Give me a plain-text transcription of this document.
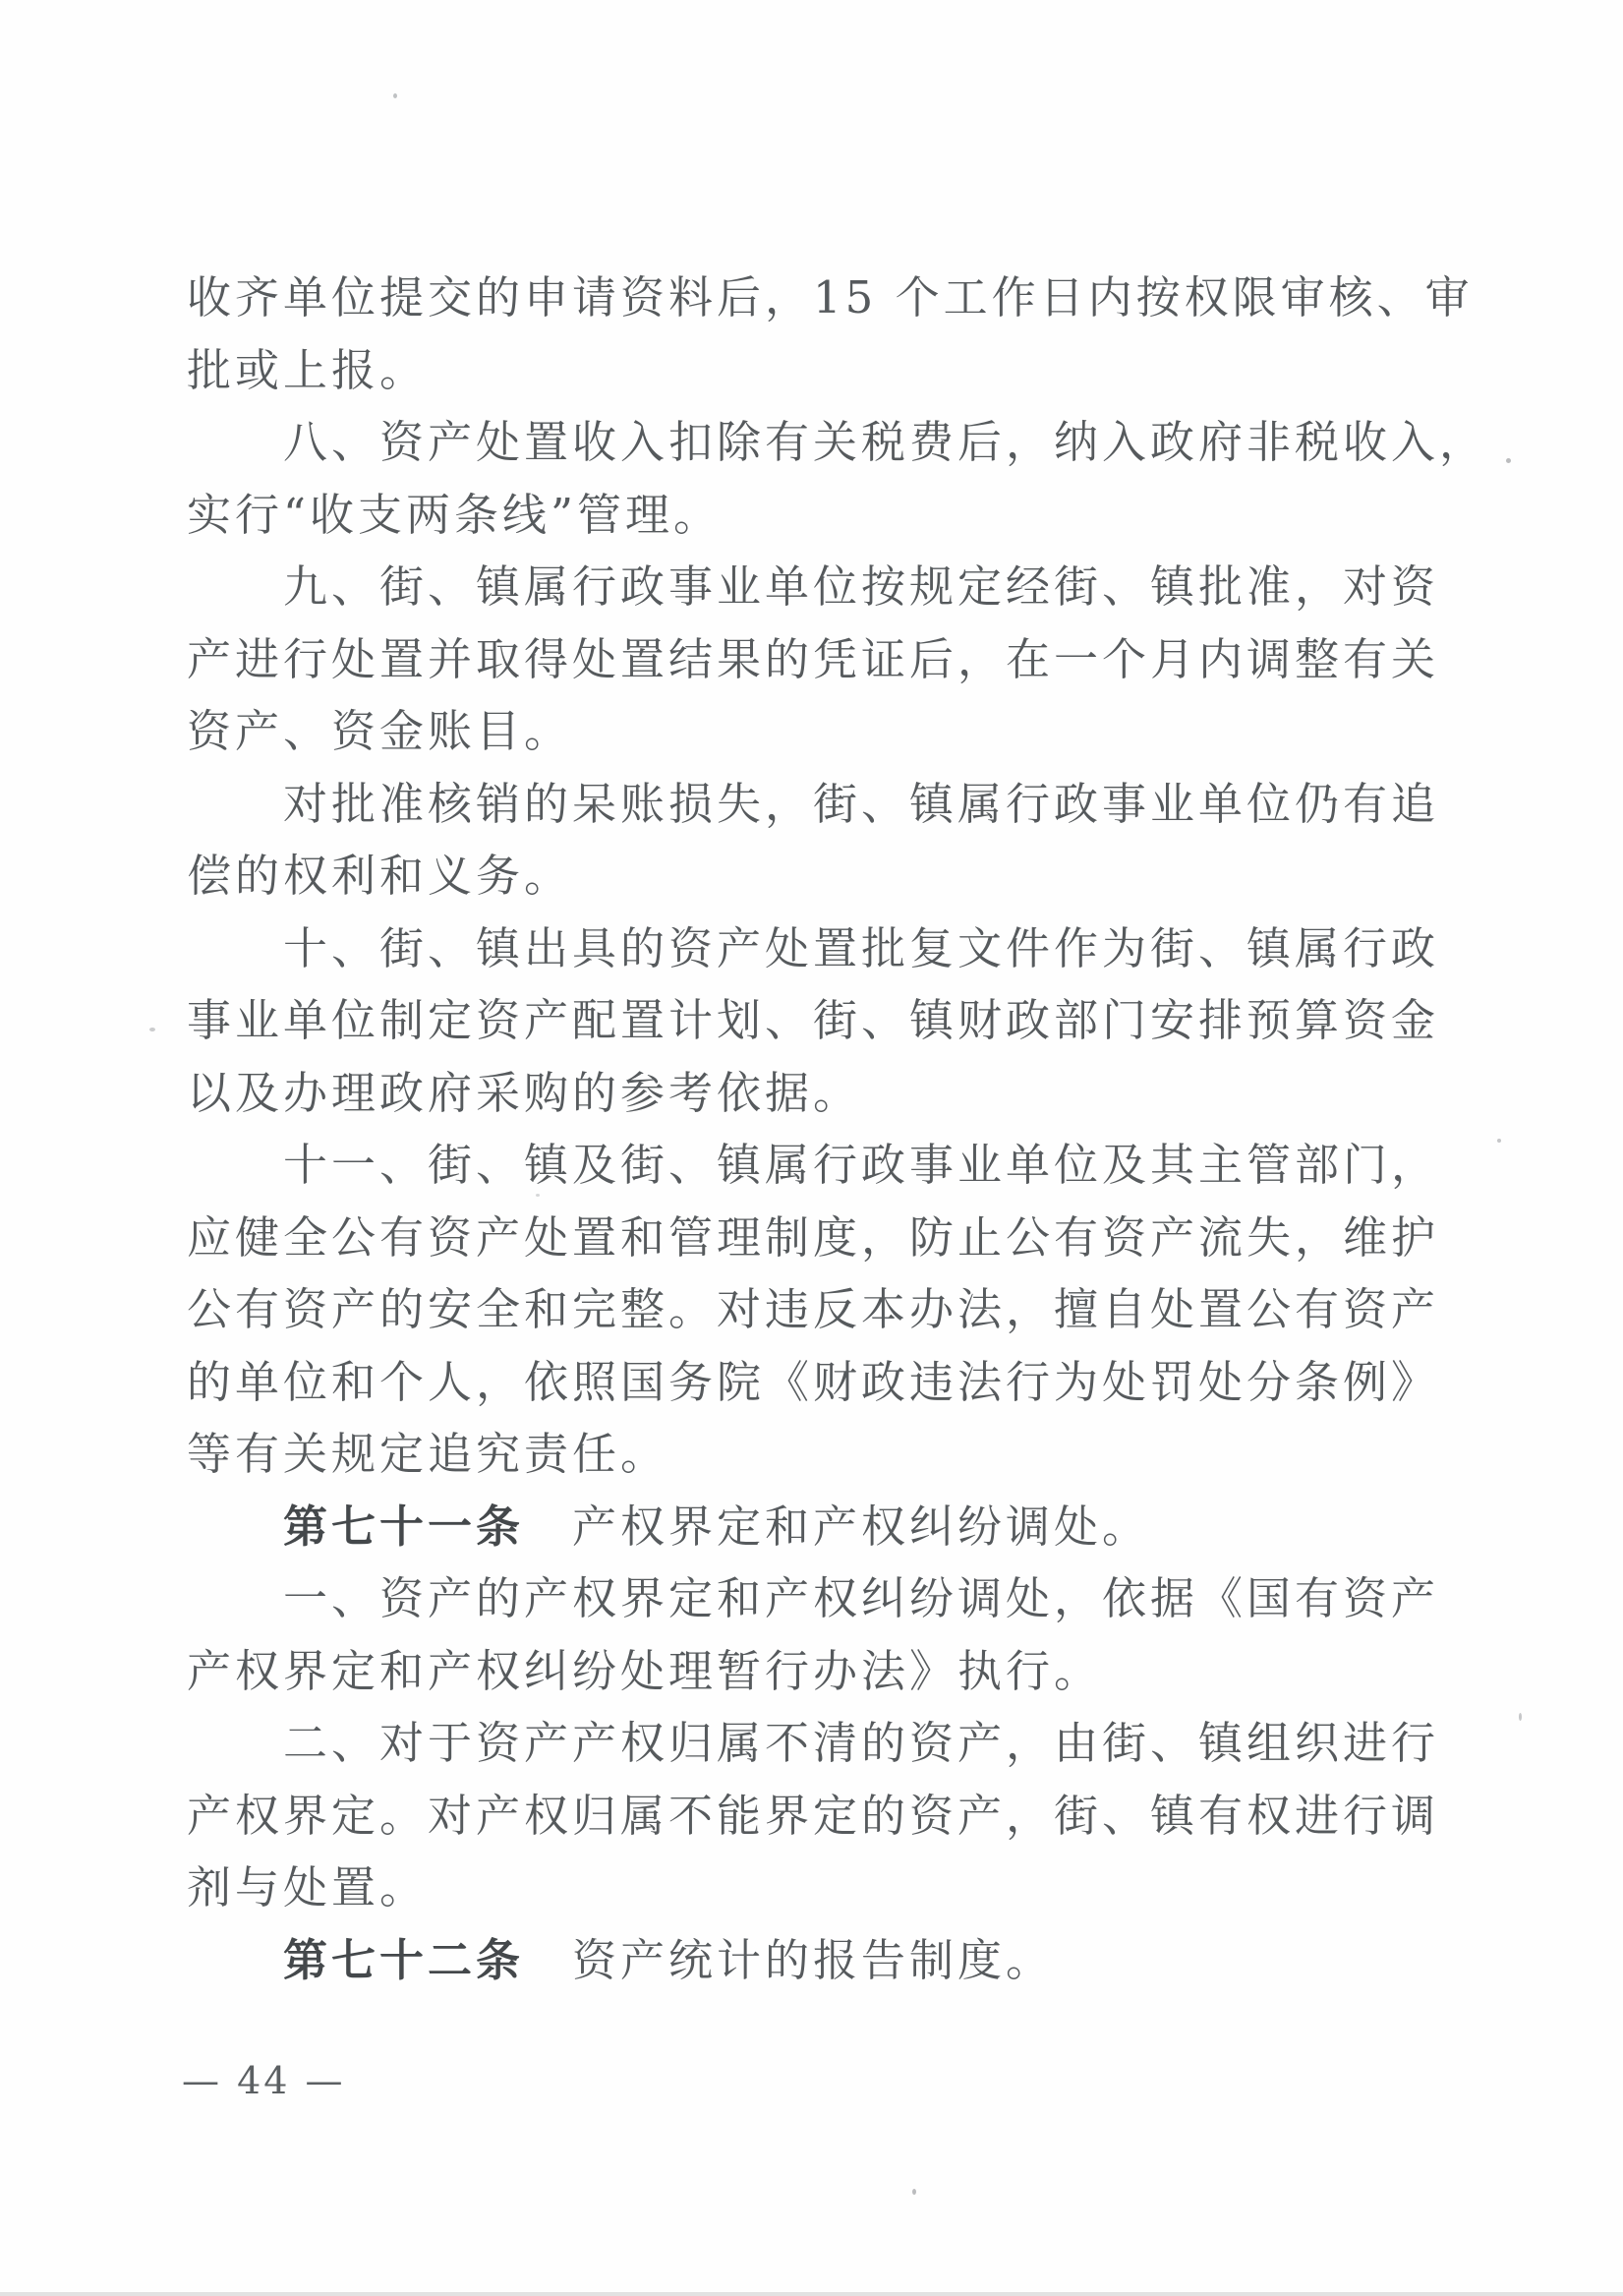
收齐单位提交的申请资料后，15 个工作日内按权限审核、审
批或上报。
八、资产处置收入扣除有关税费后，纳入政府非税收入，
实行“收支两条线”管理。
九、街、镇属行政事业单位按规定经街、镇批准，对资
产进行处置并取得处置结果的凭证后，在一个月内调整有关
资产、资金账目。
对批准核销的呆账损失，街、镇属行政事业单位仍有追
偿的权利和义务。
十、街、镇出具的资产处置批复文件作为街、镇属行政
事业单位制定资产配置计划、街、镇财政部门安排预算资金
以及办理政府采购的参考依据。
十一、街、镇及街、镇属行政事业单位及其主管部门，
应健全公有资产处置和管理制度，防止公有资产流失，维护
公有资产的安全和完整。对违反本办法，擅自处置公有资产
的单位和个人，依照国务院《财政违法行为处罚处分条例》
等有关规定追究责任。
第七十一条　产权界定和产权纠纷调处。
一、资产的产权界定和产权纠纷调处，依据《国有资产
产权界定和产权纠纷处理暂行办法》执行。
二、对于资产产权归属不清的资产，由街、镇组织进行
产权界定。对产权归属不能界定的资产，街、镇有权进行调
剂与处置。
第七十二条　资产统计的报告制度。
— 44 —
